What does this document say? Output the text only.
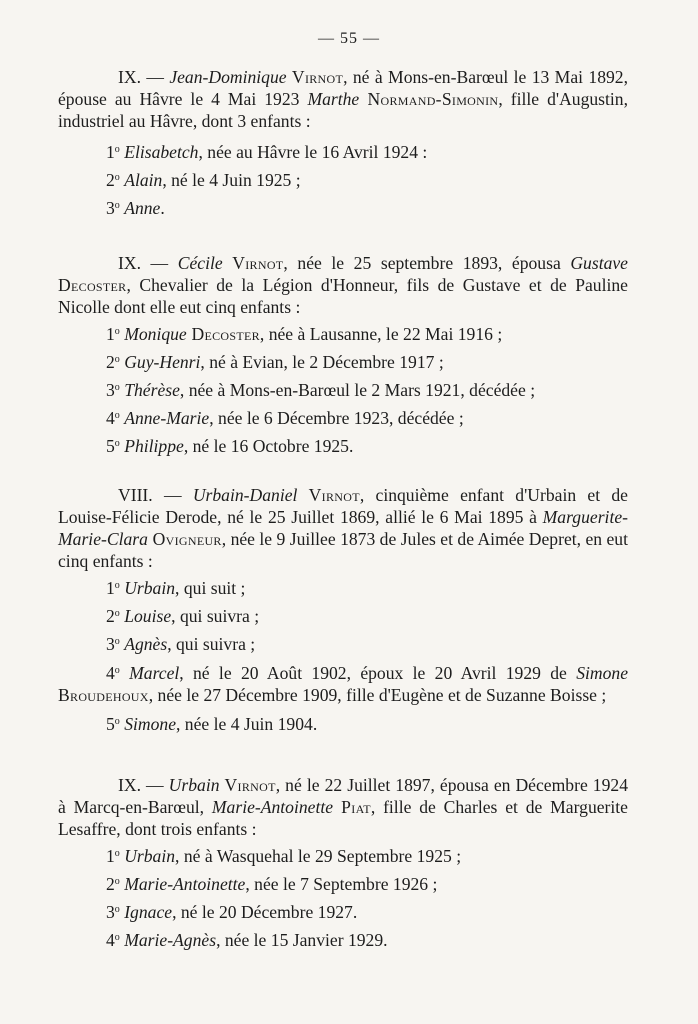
— 55 —

IX. — Jean-Dominique Virnot, né à Mons-en-Barœul le 13 Mai 1892, épouse au Hâvre le 4 Mai 1923 Marthe Normand-Simonin, fille d'Augustin, industriel au Hâvre, dont 3 enfants :

1$^o$ Elisabetch, née au Hâvre le 16 Avril 1924 :

2$^o$ Alain, né le 4 Juin 1925 ;

3$^o$ Anne.

IX. — Cécile Virnot, née le 25 septembre 1893, épousa Gustave Decoster, Chevalier de la Légion d'Honneur, fils de Gustave et de Pauline Nicolle dont elle eut cinq enfants :

1$^o$ Monique Decoster, née à Lausanne, le 22 Mai 1916 ;

2$^o$ Guy-Henri, né à Evian, le 2 Décembre 1917 ;

3$^o$ Thérèse, née à Mons-en-Barœul le 2 Mars 1921, décédée ;

4$^o$ Anne-Marie, née le 6 Décembre 1923, décédée ;

5$^o$ Philippe, né le 16 Octobre 1925.

VIII. — Urbain-Daniel Virnot, cinquième enfant d'Urbain et de Louise-Félicie Derode, né le 25 Juillet 1869, allié le 6 Mai 1895 à Marguerite-Marie-Clara Ovigneur, née le 9 Juillee 1873 de Jules et de Aimée Depret, en eut cinq enfants :

1$^o$ Urbain, qui suit ;

2$^o$ Louise, qui suivra ;

3$^o$ Agnès, qui suivra ;

4$^o$ Marcel, né le 20 Août 1902, époux le 20 Avril 1929 de Simone Broudehoux, née le 27 Décembre 1909, fille d'Eugène et de Suzanne Boisse ;

5$^o$ Simone, née le 4 Juin 1904.

IX. — Urbain Virnot, né le 22 Juillet 1897, épousa en Décembre 1924 à Marcq-en-Barœul, Marie-Antoinette Piat, fille de Charles et de Marguerite Lesaffre, dont trois enfants :

1$^o$ Urbain, né à Wasquehal le 29 Septembre 1925 ;

2$^o$ Marie-Antoinette, née le 7 Septembre 1926 ;

3$^o$ Ignace, né le 20 Décembre 1927.

4$^o$ Marie-Agnès, née le 15 Janvier 1929.
